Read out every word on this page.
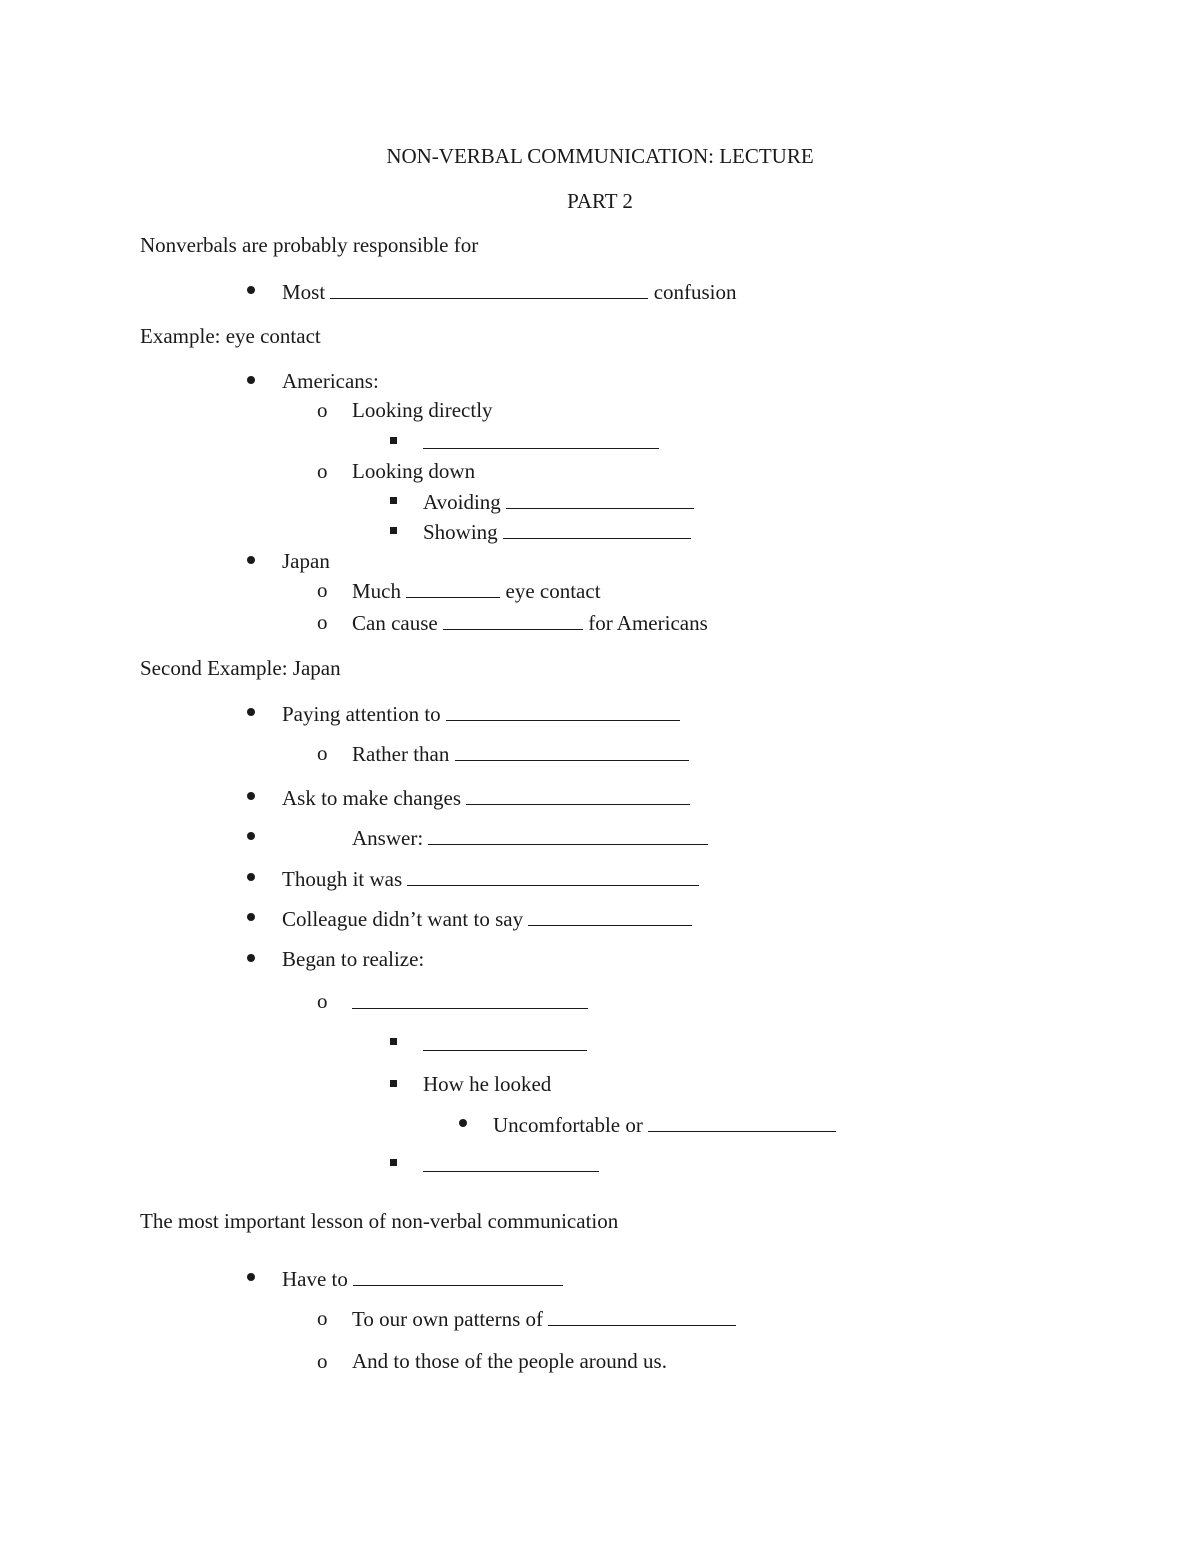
NON-VERBAL COMMUNICATION: LECTURE
PART 2
Nonverbals are probably responsible for
Most	confusion
Example: eye contact
Americans:
o Looking directly
o Looking down
Avoiding
Showing
Japan
o Much	eye contact
o Can cause	for Americans
Second Example: Japan
Paying attention to
o Rather than
Ask to make changes
Answer:
Though it was
Colleague didn’t want to say
Began to realize:
o
How he looked
Uncomfortable or
The most important lesson of non-verbal communication
Have to
o To our own patterns of
o And to those of the people around us.
